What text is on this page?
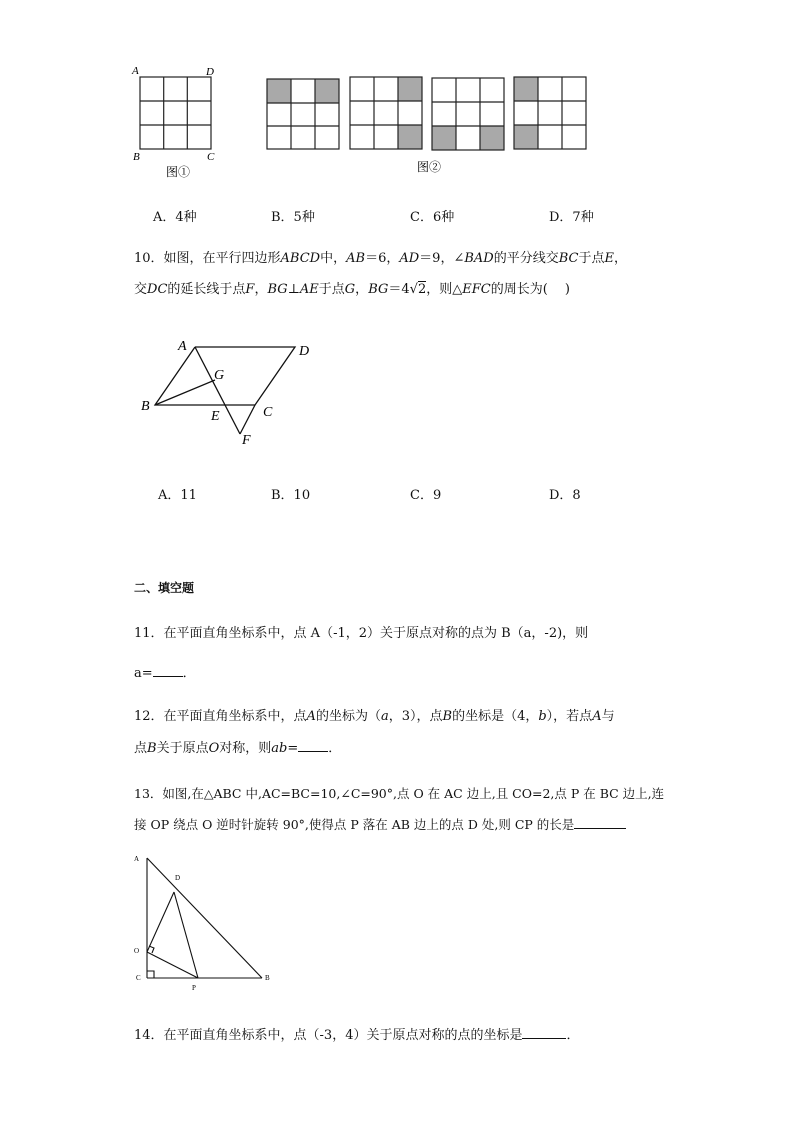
A	D
B	C
图①	图②
A．4种	B．5种	C．6种	D．7种
10．如图，在平行四边形ABCD中，AB＝6，AD＝9，∠BAD的平分线交BC于点E，
交DC的延长线于点F，BG⊥AE于点G，BG＝4√2，则△EFC的周长为(　 )
A	D
G
B
E	C
F
A．11	B．10	C．9	D．8
二、填空题
11．在平面直角坐标系中，点 A（-1，2）关于原点对称的点为 B（a，-2)，则
a= ．
12．在平面直角坐标系中，点A的坐标为（a，3），点B的坐标是（4，b），若点A与
点B关于原点O对称，则ab= ．
13．如图,在△ABC 中,AC=BC=10,∠C=90°,点 O 在 AC 边上,且 CO=2,点 P 在 BC 边上,连
接 OP 绕点 O 逆时针旋转 90°,使得点 P 落在 AB 边上的点 D 处,则 CP 的长是
A
D
O
C
P
B
14．在平面直角坐标系中，点（-3，4）关于原点对称的点的坐标是	．
